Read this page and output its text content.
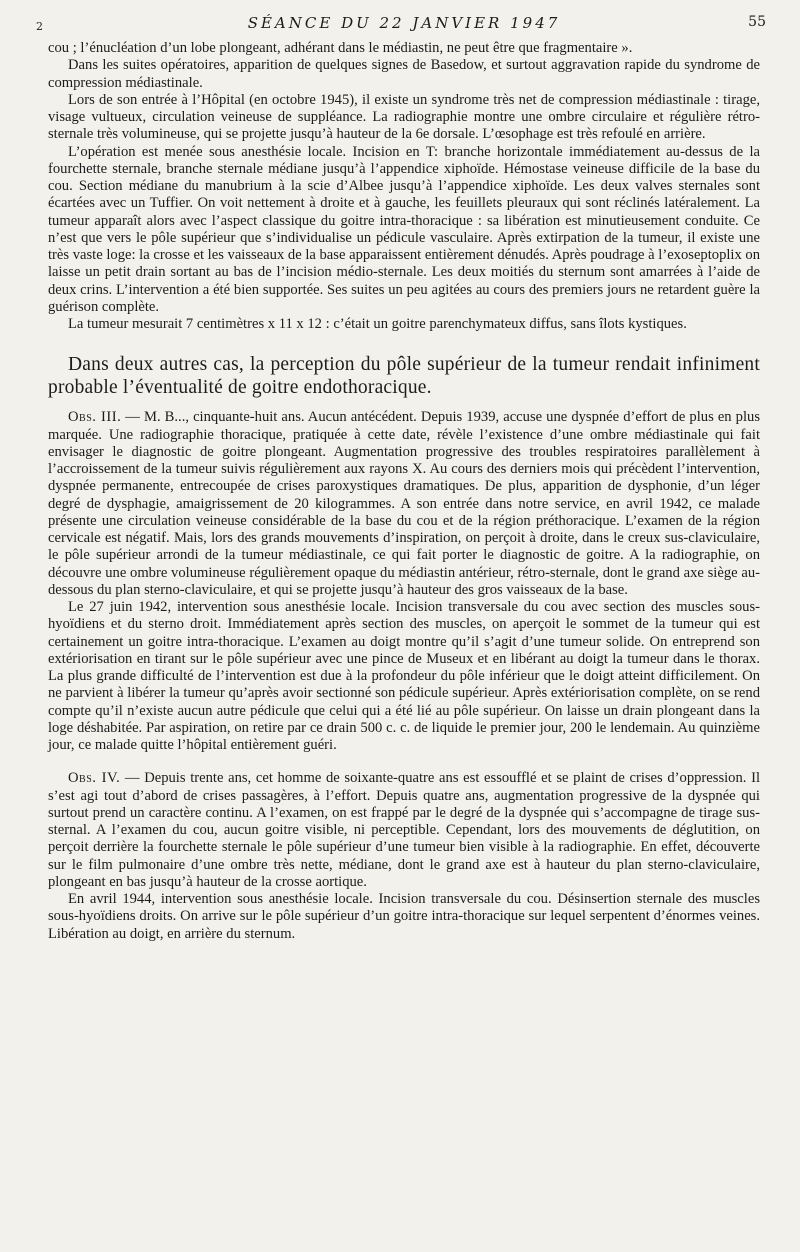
2	SÉANCE DU 22 JANVIER 1947	55

cou ; l’énucléation d’un lobe plongeant, adhérant dans le médiastin, ne peut être que fragmentaire ».

Dans les suites opératoires, apparition de quelques signes de Basedow, et surtout aggravation rapide du syndrome de compression médiastinale.

Lors de son entrée à l’Hôpital (en octobre 1945), il existe un syndrome très net de compression médiastinale : tirage, visage vultueux, circulation veineuse de suppléance. La radiographie montre une ombre circulaire et régulière rétro-sternale très volumineuse, qui se projette jusqu’à hauteur de la 6e dorsale. L’œsophage est très refoulé en arrière.

L’opération est menée sous anesthésie locale. Incision en T: branche horizontale immédiatement au-dessus de la fourchette sternale, branche sternale médiane jusqu’à l’appendice xiphoïde. Hémostase veineuse difficile de la base du cou. Section médiane du manubrium à la scie d’Albee jusqu’à l’appendice xiphoïde. Les deux valves sternales sont écartées avec un Tuffier. On voit nettement à droite et à gauche, les feuillets pleuraux qui sont réclinés latéralement. La tumeur apparaît alors avec l’aspect classique du goitre intra-thoracique : sa libération est minutieusement conduite. Ce n’est que vers le pôle supérieur que s’individualise un pédicule vasculaire. Après extirpation de la tumeur, il existe une très vaste loge: la crosse et les vaisseaux de la base apparaissent entièrement dénudés. Après poudrage à l’exoseptoplix on laisse un petit drain sortant au bas de l’incision médio-sternale. Les deux moitiés du sternum sont amarrées à l’aide de deux crins. L’intervention a été bien supportée. Ses suites un peu agitées au cours des premiers jours ne retardent guère la guérison complète.

La tumeur mesurait 7 centimètres x 11 x 12 : c’était un goitre parenchymateux diffus, sans îlots kystiques.

Dans deux autres cas, la perception du pôle supérieur de la tumeur rendait infiniment probable l’éventualité de goitre endothoracique.

Obs. III. — M. B..., cinquante-huit ans. Aucun antécédent. Depuis 1939, accuse une dyspnée d’effort de plus en plus marquée. Une radiographie thoracique, pratiquée à cette date, révèle l’existence d’une ombre médiastinale qui fait envisager le diagnostic de goitre plongeant. Augmentation progressive des troubles respiratoires parallèlement à l’accroissement de la tumeur suivis régulièrement aux rayons X. Au cours des derniers mois qui précèdent l’intervention, dyspnée permanente, entrecoupée de crises paroxystiques dramatiques. De plus, apparition de dysphonie, d’un léger degré de dysphagie, amaigrissement de 20 kilogrammes. A son entrée dans notre service, en avril 1942, ce malade présente une circulation veineuse considérable de la base du cou et de la région préthoracique. L’examen de la région cervicale est négatif. Mais, lors des grands mouvements d’inspiration, on perçoit à droite, dans le creux sus-claviculaire, le pôle supérieur arrondi de la tumeur médiastinale, ce qui fait porter le diagnostic de goitre. A la radiographie, on découvre une ombre volumineuse régulièrement opaque du médiastin antérieur, rétro-sternale, dont le grand axe siège au-dessous du plan sterno-claviculaire, et qui se projette jusqu’à hauteur des gros vaisseaux de la base.

Le 27 juin 1942, intervention sous anesthésie locale. Incision transversale du cou avec section des muscles sous-hyoïdiens et du sterno droit. Immédiatement après section des muscles, on aperçoit le sommet de la tumeur qui est certainement un goitre intra-thoracique. L’examen au doigt montre qu’il s’agit d’une tumeur solide. On entreprend son extériorisation en tirant sur le pôle supérieur avec une pince de Museux et en libérant au doigt la tumeur dans le thorax. La plus grande difficulté de l’intervention est due à la profondeur du pôle inférieur que le doigt atteint difficilement. On ne parvient à libérer la tumeur qu’après avoir sectionné son pédicule supérieur. Après extériorisation complète, on se rend compte qu’il n’existe aucun autre pédicule que celui qui a été lié au pôle supérieur. On laisse un drain plongeant dans la loge déshabitée. Par aspiration, on retire par ce drain 500 c. c. de liquide le premier jour, 200 le lendemain. Au quinzième jour, ce malade quitte l’hôpital entièrement guéri.

Obs. IV. — Depuis trente ans, cet homme de soixante-quatre ans est essoufflé et se plaint de crises d’oppression. Il s’est agi tout d’abord de crises passagères, à l’effort. Depuis quatre ans, augmentation progressive de la dyspnée qui surtout prend un caractère continu. A l’examen, on est frappé par le degré de la dyspnée qui s’accompagne de tirage sus-sternal. A l’examen du cou, aucun goitre visible, ni perceptible. Cependant, lors des mouvements de déglutition, on perçoit derrière la fourchette sternale le pôle supérieur d’une tumeur bien visible à la radiographie. En effet, découverte sur le film pulmonaire d’une ombre très nette, médiane, dont le grand axe est à hauteur du plan sterno-claviculaire, plongeant en bas jusqu’à hauteur de la crosse aortique.

En avril 1944, intervention sous anesthésie locale. Incision transversale du cou. Désinsertion sternale des muscles sous-hyoïdiens droits. On arrive sur le pôle supérieur d’un goitre intra-thoracique sur lequel serpentent d’énormes veines. Libération au doigt, en arrière du sternum.
